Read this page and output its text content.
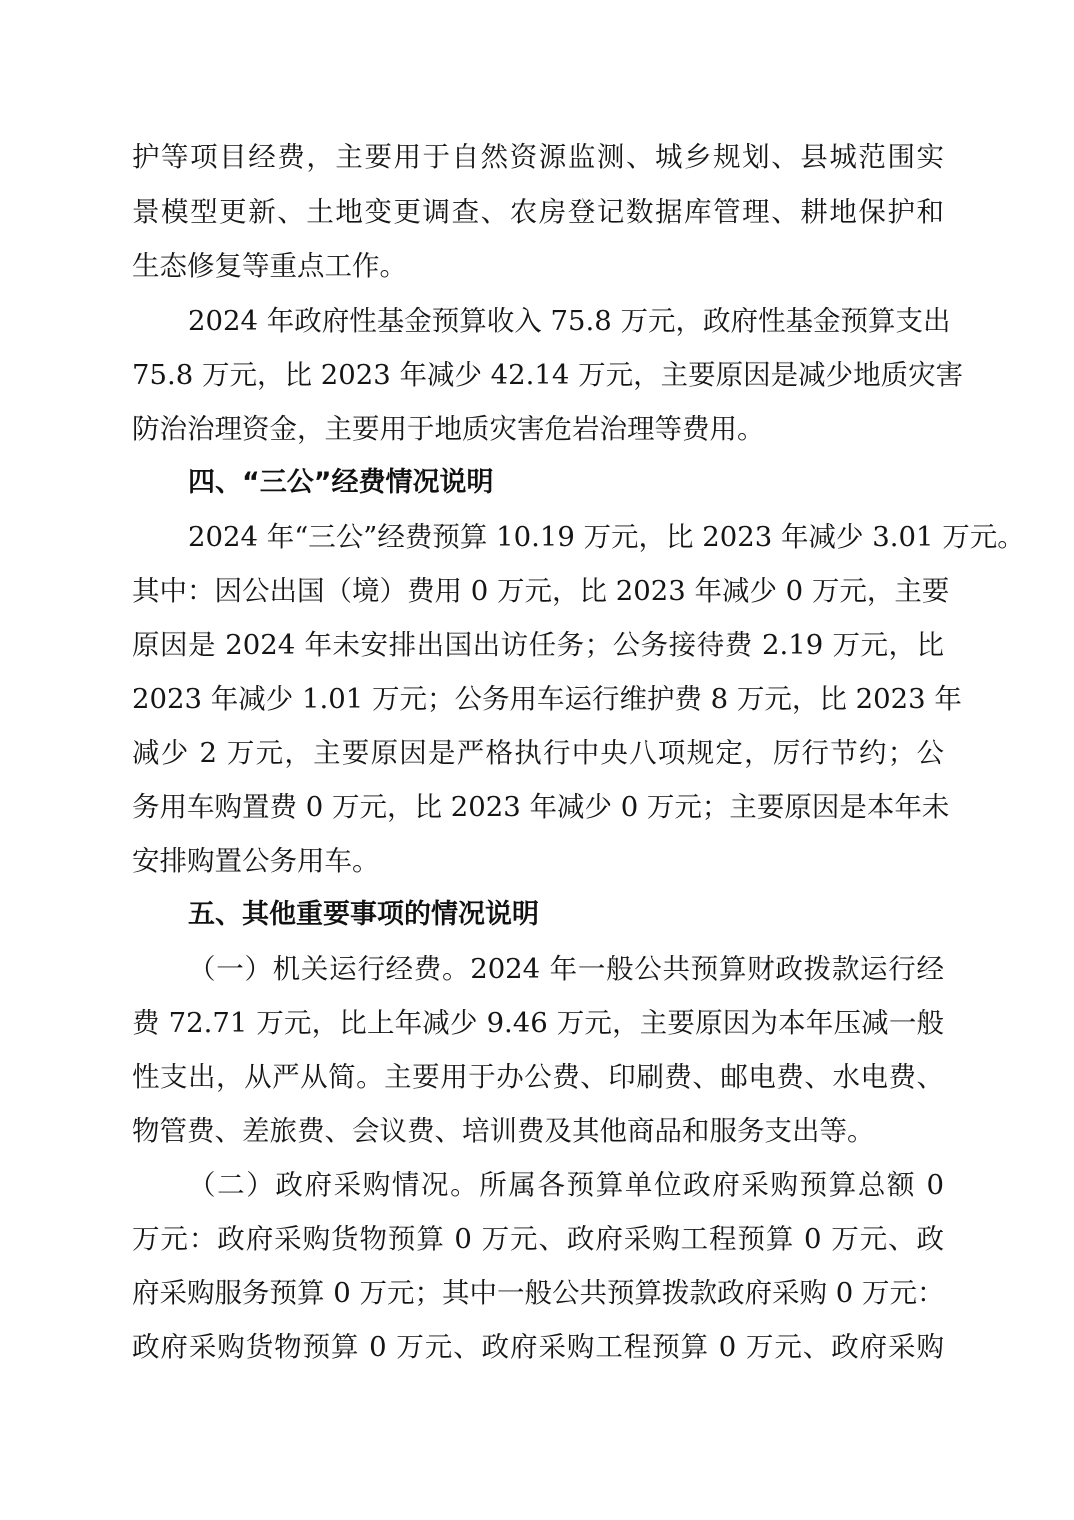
护等项目经费，主要用于自然资源监测、城乡规划、县城范围实
景模型更新、土地变更调查、农房登记数据库管理、耕地保护和
生态修复等重点工作。
2024 年政府性基金预算收入 75.8 万元，政府性基金预算支出
75.8 万元，比 2023 年减少 42.14 万元，主要原因是减少地质灾害
防治治理资金，主要用于地质灾害危岩治理等费用。
四、“三公”经费情况说明
2024 年“三公”经费预算 10.19 万元，比 2023 年减少 3.01 万元。
其中：因公出国（境）费用 0 万元，比 2023 年减少 0 万元，主要
原因是 2024 年未安排出国出访任务；公务接待费 2.19 万元，比
2023 年减少 1.01 万元；公务用车运行维护费 8 万元，比 2023 年
减少 2 万元，主要原因是严格执行中央八项规定，厉行节约；公
务用车购置费 0 万元，比 2023 年减少 0 万元；主要原因是本年未
安排购置公务用车。
五、其他重要事项的情况说明
（一）机关运行经费。2024 年一般公共预算财政拨款运行经
费 72.71 万元，比上年减少 9.46 万元，主要原因为本年压减一般
性支出，从严从简。主要用于办公费、印刷费、邮电费、水电费、
物管费、差旅费、会议费、培训费及其他商品和服务支出等。
（二）政府采购情况。所属各预算单位政府采购预算总额 0
万元：政府采购货物预算 0 万元、政府采购工程预算 0 万元、政
府采购服务预算 0 万元；其中一般公共预算拨款政府采购 0 万元：
政府采购货物预算 0 万元、政府采购工程预算 0 万元、政府采购
